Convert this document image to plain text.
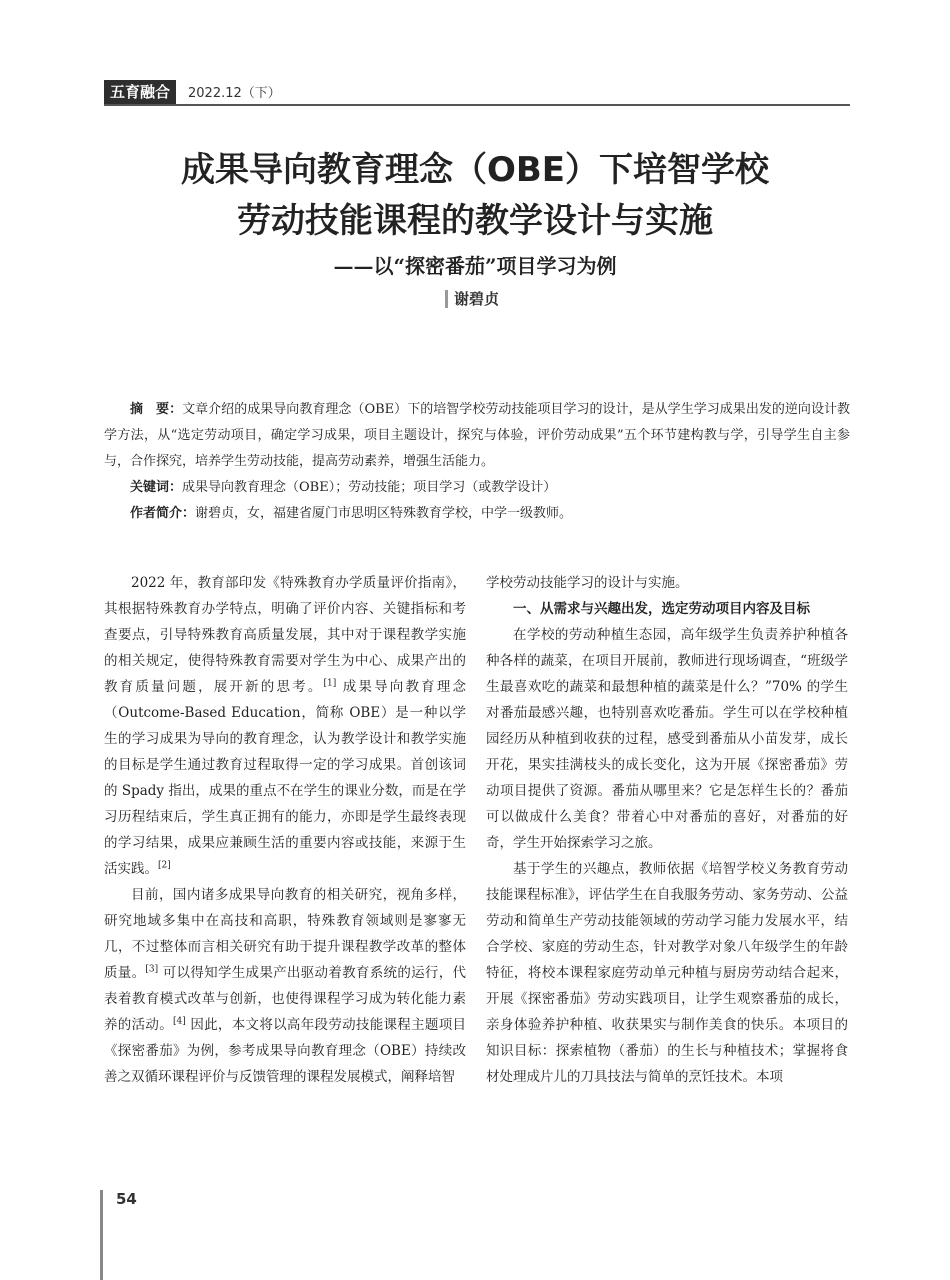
五育融合	2022.12（下）
成果导向教育理念（OBE）下培智学校
劳动技能课程的教学设计与实施
——以“探密番茄”项目学习为例
谢碧贞

摘　要：文章介绍的成果导向教育理念（OBE）下的培智学校劳动技能项目学习的设计，是从学生学习成果出发的逆向设计教学方法，从“选定劳动项目，确定学习成果，项目主题设计，探究与体验，评价劳动成果”五个环节建构教与学，引导学生自主参与，合作探究，培养学生劳动技能，提高劳动素养，增强生活能力。

关键词：成果导向教育理念（OBE）；劳动技能；项目学习（或教学设计）

作者简介：谢碧贞，女，福建省厦门市思明区特殊教育学校，中学一级教师。

2022 年，教育部印发《特殊教育办学质量评价指南》，其根据特殊教育办学特点，明确了评价内容、关键指标和考查要点，引导特殊教育高质量发展，其中对于课程教学实施的相关规定，使得特殊教育需要对学生为中心、成果产出的教育质量问题，展开新的思考。[1] 成果导向教育理念（Outcome-Based Education，简称 OBE）是一种以学生的学习成果为导向的教育理念，认为教学设计和教学实施的目标是学生通过教育过程取得一定的学习成果。首创该词的 Spady 指出，成果的重点不在学生的课业分数，而是在学习历程结束后，学生真正拥有的能力，亦即是学生最终表现的学习结果，成果应兼顾生活的重要内容或技能，来源于生活实践。[2]

目前，国内诸多成果导向教育的相关研究，视角多样，研究地域多集中在高技和高职，特殊教育领域则是寥寥无几，不过整体而言相关研究有助于提升课程教学改革的整体质量。[3] 可以得知学生成果产出驱动着教育系统的运行，代表着教育模式改革与创新，也使得课程学习成为转化能力素养的活动。[4] 因此，本文将以高年段劳动技能课程主题项目《探密番茄》为例，参考成果导向教育理念（OBE）持续改善之双循环课程评价与反馈管理的课程发展模式，阐释培智

学校劳动技能学习的设计与实施。

一、从需求与兴趣出发，选定劳动项目内容及目标

在学校的劳动种植生态园，高年级学生负责养护种植各种各样的蔬菜，在项目开展前，教师进行现场调查，“班级学生最喜欢吃的蔬菜和最想种植的蔬菜是什么？”70% 的学生对番茄最感兴趣，也特别喜欢吃番茄。学生可以在学校种植园经历从种植到收获的过程，感受到番茄从小苗发芽，成长开花，果实挂满枝头的成长变化，这为开展《探密番茄》劳动项目提供了资源。番茄从哪里来？它是怎样生长的？番茄可以做成什么美食？带着心中对番茄的喜好，对番茄的好奇，学生开始探索学习之旅。

基于学生的兴趣点，教师依据《培智学校义务教育劳动技能课程标准》，评估学生在自我服务劳动、家务劳动、公益劳动和简单生产劳动技能领域的劳动学习能力发展水平，结合学校、家庭的劳动生态，针对教学对象八年级学生的年龄特征，将校本课程家庭劳动单元种植与厨房劳动结合起来，开展《探密番茄》劳动实践项目，让学生观察番茄的成长，亲身体验养护种植、收获果实与制作美食的快乐。本项目的知识目标：探索植物（番茄）的生长与种植技术；掌握将食材处理成片儿的刀具技法与简单的烹饪技术。本项

54
